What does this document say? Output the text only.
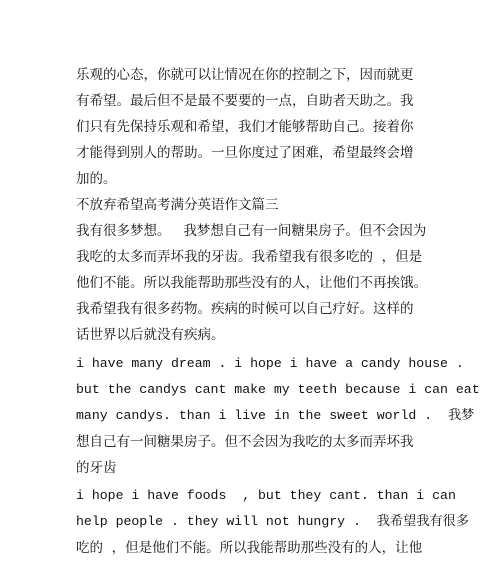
乐观的心态，你就可以让情况在你的控制之下，因而就更
有希望。最后但不是最不要要的一点，自助者天助之。我
们只有先保持乐观和希望，我们才能够帮助自己。接着你
才能得到别人的帮助。一旦你度过了困难，希望最终会增
加的。
不放弃希望高考满分英语作文篇三
我有很多梦想。   我梦想自己有一间糖果房子。但不会因为
我吃的太多而弄坏我的牙齿。我希望我有很多吃的  ，但是
他们不能。所以我能帮助那些没有的人，让他们不再挨饿。
我希望我有很多药物。疾病的时候可以自己疗好。这样的
话世界以后就没有疾病。
i have many dream . i hope i have a candy house .
but the candys cant make my teeth because i can eat
many candys. than i live in the sweet world .  我梦
想自己有一间糖果房子。但不会因为我吃的太多而弄坏我
的牙齿
i hope i have foods  , but they cant. than i can
help people . they will not hungry .  我希望我有很多
吃的  ，但是他们不能。所以我能帮助那些没有的人，让他
